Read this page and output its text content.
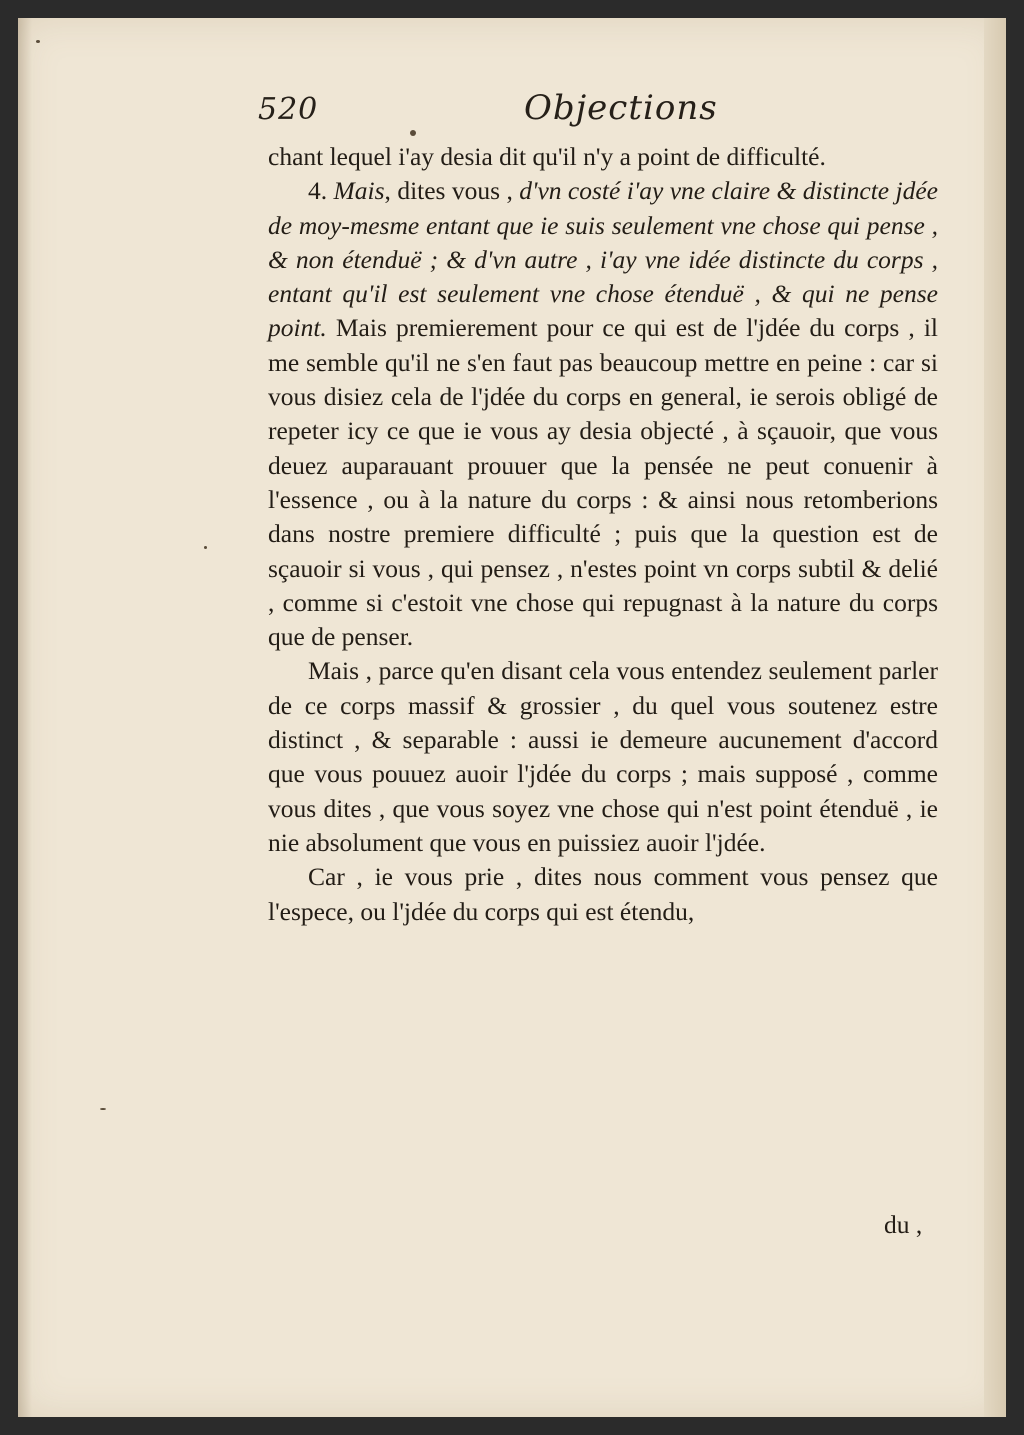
520	Objections

chant lequel i'ay desia dit qu'il n'y a point de difficulté.

4. Mais, dites vous , d'vn costé i'ay vne claire & distincte jdée de moy-mesme entant que ie suis seulement vne chose qui pense , & non étenduë ; & d'vn autre , i'ay vne idée distincte du corps , entant qu'il est seulement vne chose étenduë , & qui ne pense point. Mais premierement pour ce qui est de l'jdée du corps , il me semble qu'il ne s'en faut pas beaucoup mettre en peine : car si vous disiez cela de l'jdée du corps en general, ie serois obligé de repeter icy ce que ie vous ay desia objecté , à sçauoir, que vous deuez auparauant prouuer que la pensée ne peut conuenir à l'essence , ou à la nature du corps : & ainsi nous retomberions dans nostre premiere difficulté ; puis que la question est de sçauoir si vous , qui pensez , n'estes point vn corps subtil & delié , comme si c'estoit vne chose qui repugnast à la nature du corps que de penser.

Mais , parce qu'en disant cela vous entendez seulement parler de ce corps massif & grossier , du quel vous soutenez estre distinct , & separable : aussi ie demeure aucunement d'accord que vous pouuez auoir l'jdée du corps ; mais supposé , comme vous dites , que vous soyez vne chose qui n'est point étenduë , ie nie absolument que vous en puissiez auoir l'jdée.

Car , ie vous prie , dites nous comment vous pensez que l'espece, ou l'jdée du corps qui est étendu,

du ,
